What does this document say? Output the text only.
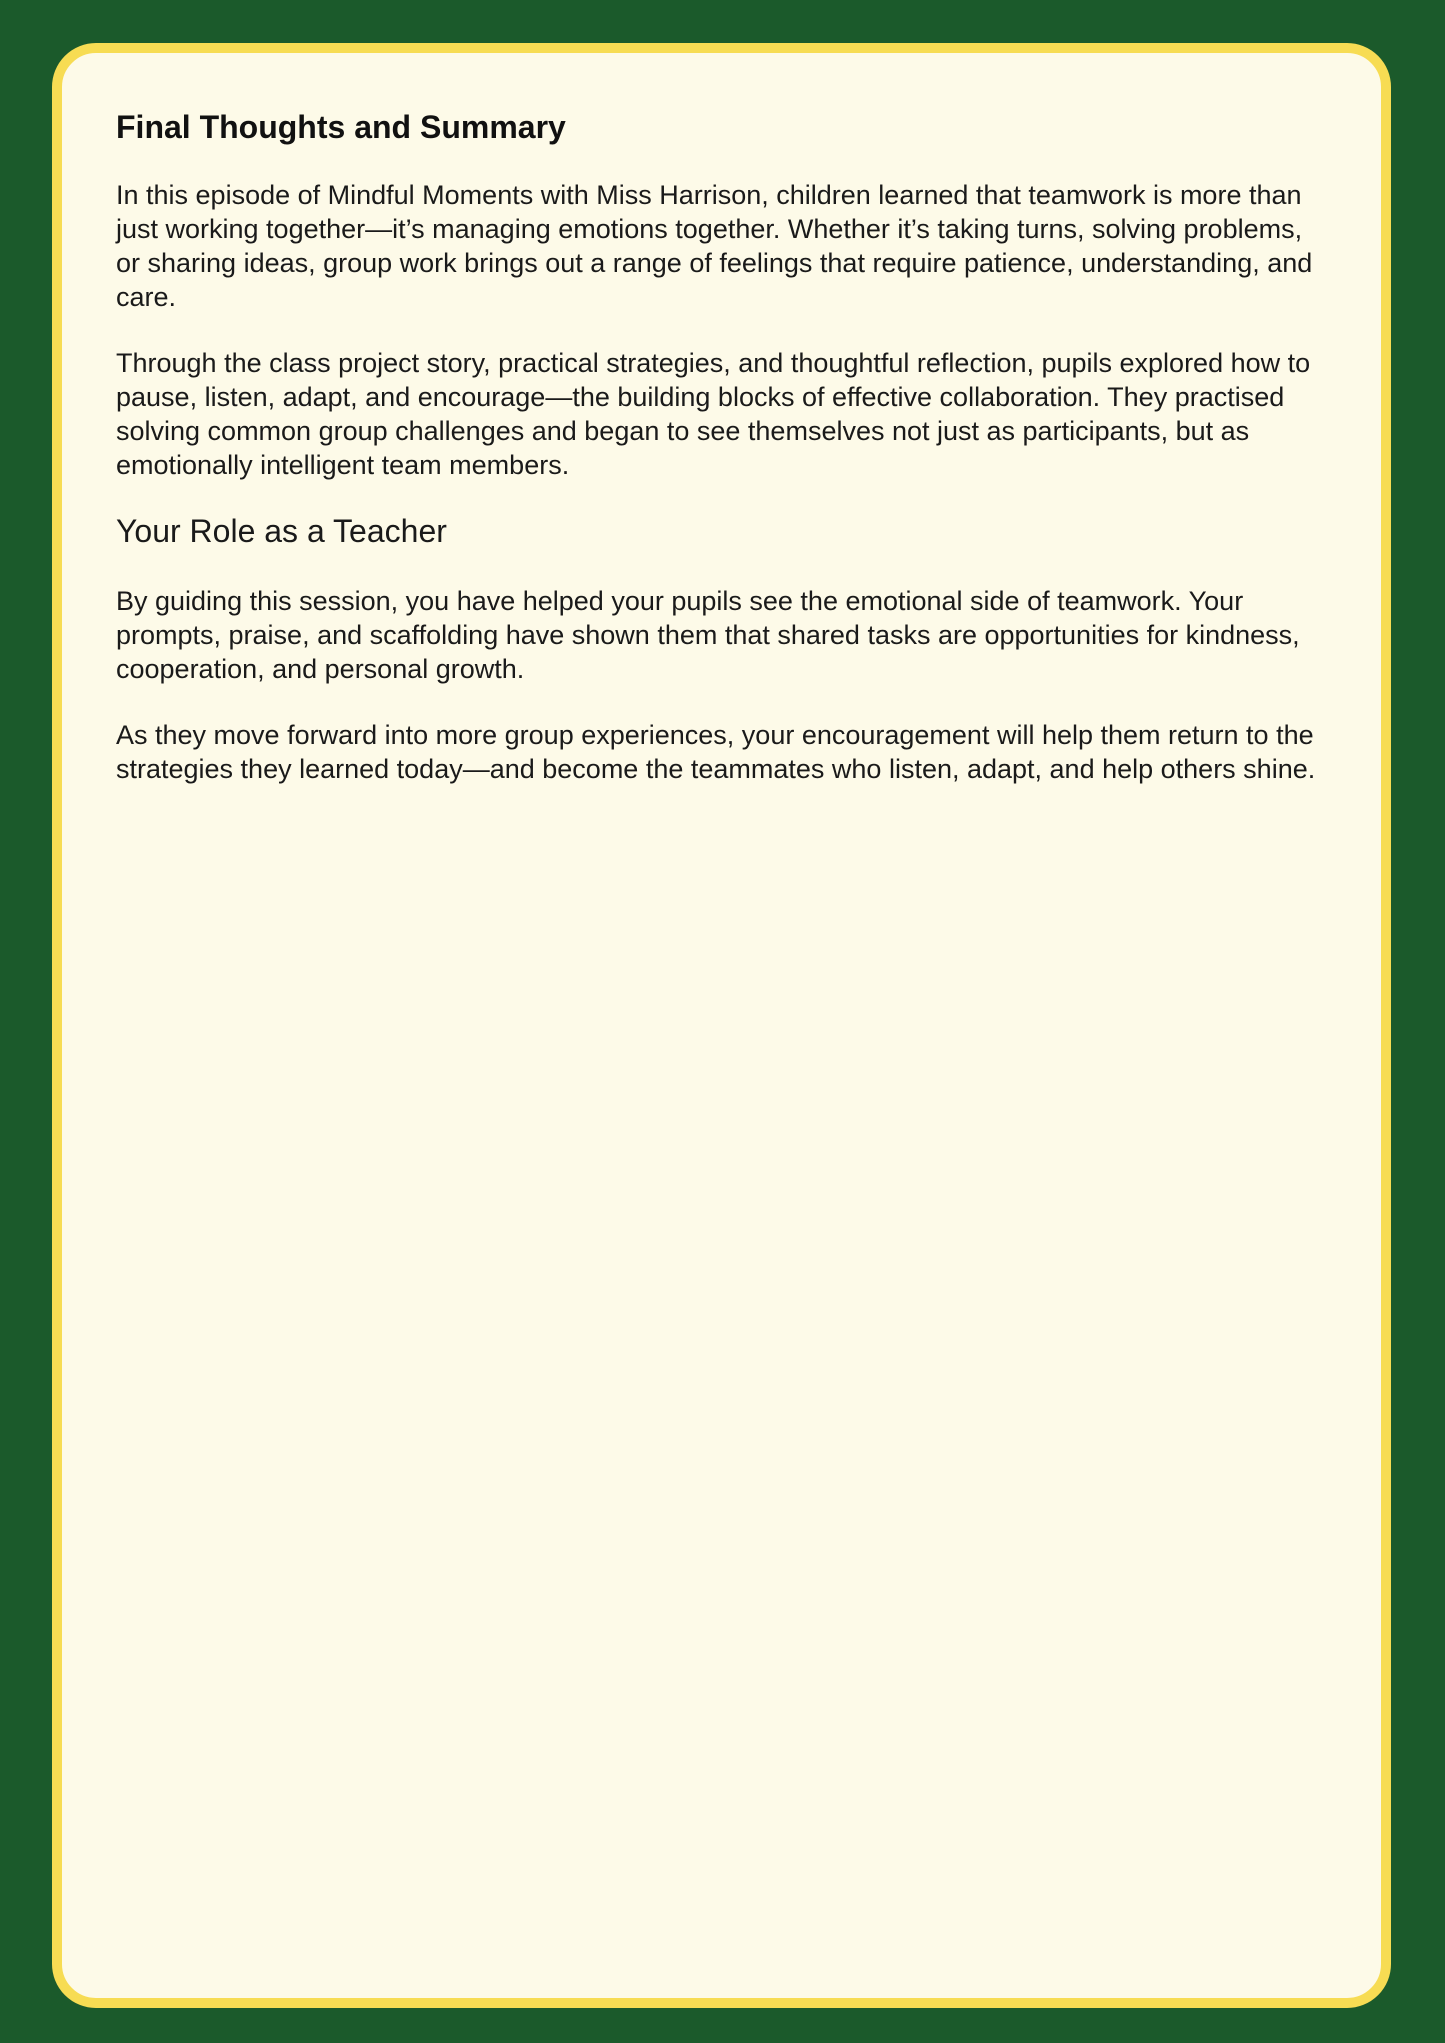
Final Thoughts and Summary

In this episode of Mindful Moments with Miss Harrison, children learned that teamwork is more than just working together—it’s managing emotions together. Whether it’s taking turns, solving problems, or sharing ideas, group work brings out a range of feelings that require patience, understanding, and care.

Through the class project story, practical strategies, and thoughtful reflection, pupils explored how to pause, listen, adapt, and encourage—the building blocks of effective collaboration. They practised solving common group challenges and began to see themselves not just as participants, but as emotionally intelligent team members.

Your Role as a Teacher

By guiding this session, you have helped your pupils see the emotional side of teamwork. Your prompts, praise, and scaffolding have shown them that shared tasks are opportunities for kindness, cooperation, and personal growth.

As they move forward into more group experiences, your encouragement will help them return to the strategies they learned today—and become the teammates who listen, adapt, and help others shine.
